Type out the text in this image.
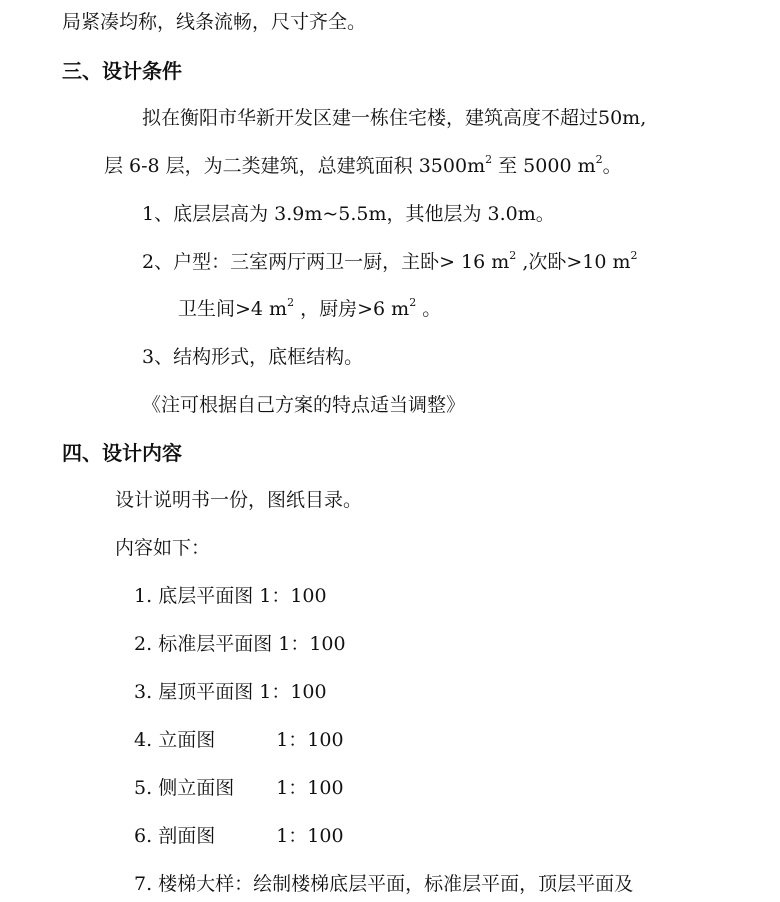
局紧凑均称，线条流畅，尺寸齐全。
三、设计条件
拟在衡阳市华新开发区建一栋住宅楼，建筑高度不超过50m,
层 6-8 层，为二类建筑，总建筑面积 $3500m^2$ 至 5000 $m^2$。
1、底层层高为 3.9m~5.5m，其他层为 3.0m。
2、户型：三室两厅两卫一厨，主卧> 16 $m^2$ ,次卧>10 $m^2$
卫生间>4 $m^2$ ，厨房>6 $m^2$ 。
3、结构形式，底框结构。
《注可根据自己方案的特点适当调整》
四、设计内容
设计说明书一份，图纸目录。
内容如下：
1. 底层平面图 1：100
2. 标准层平面图 1：100
3. 屋顶平面图 1：100
4. 立面图	1：100
5. 侧立面图 1：100
6. 剖面图	1：100
7. 楼梯大样：绘制楼梯底层平面，标准层平面，顶层平面及
